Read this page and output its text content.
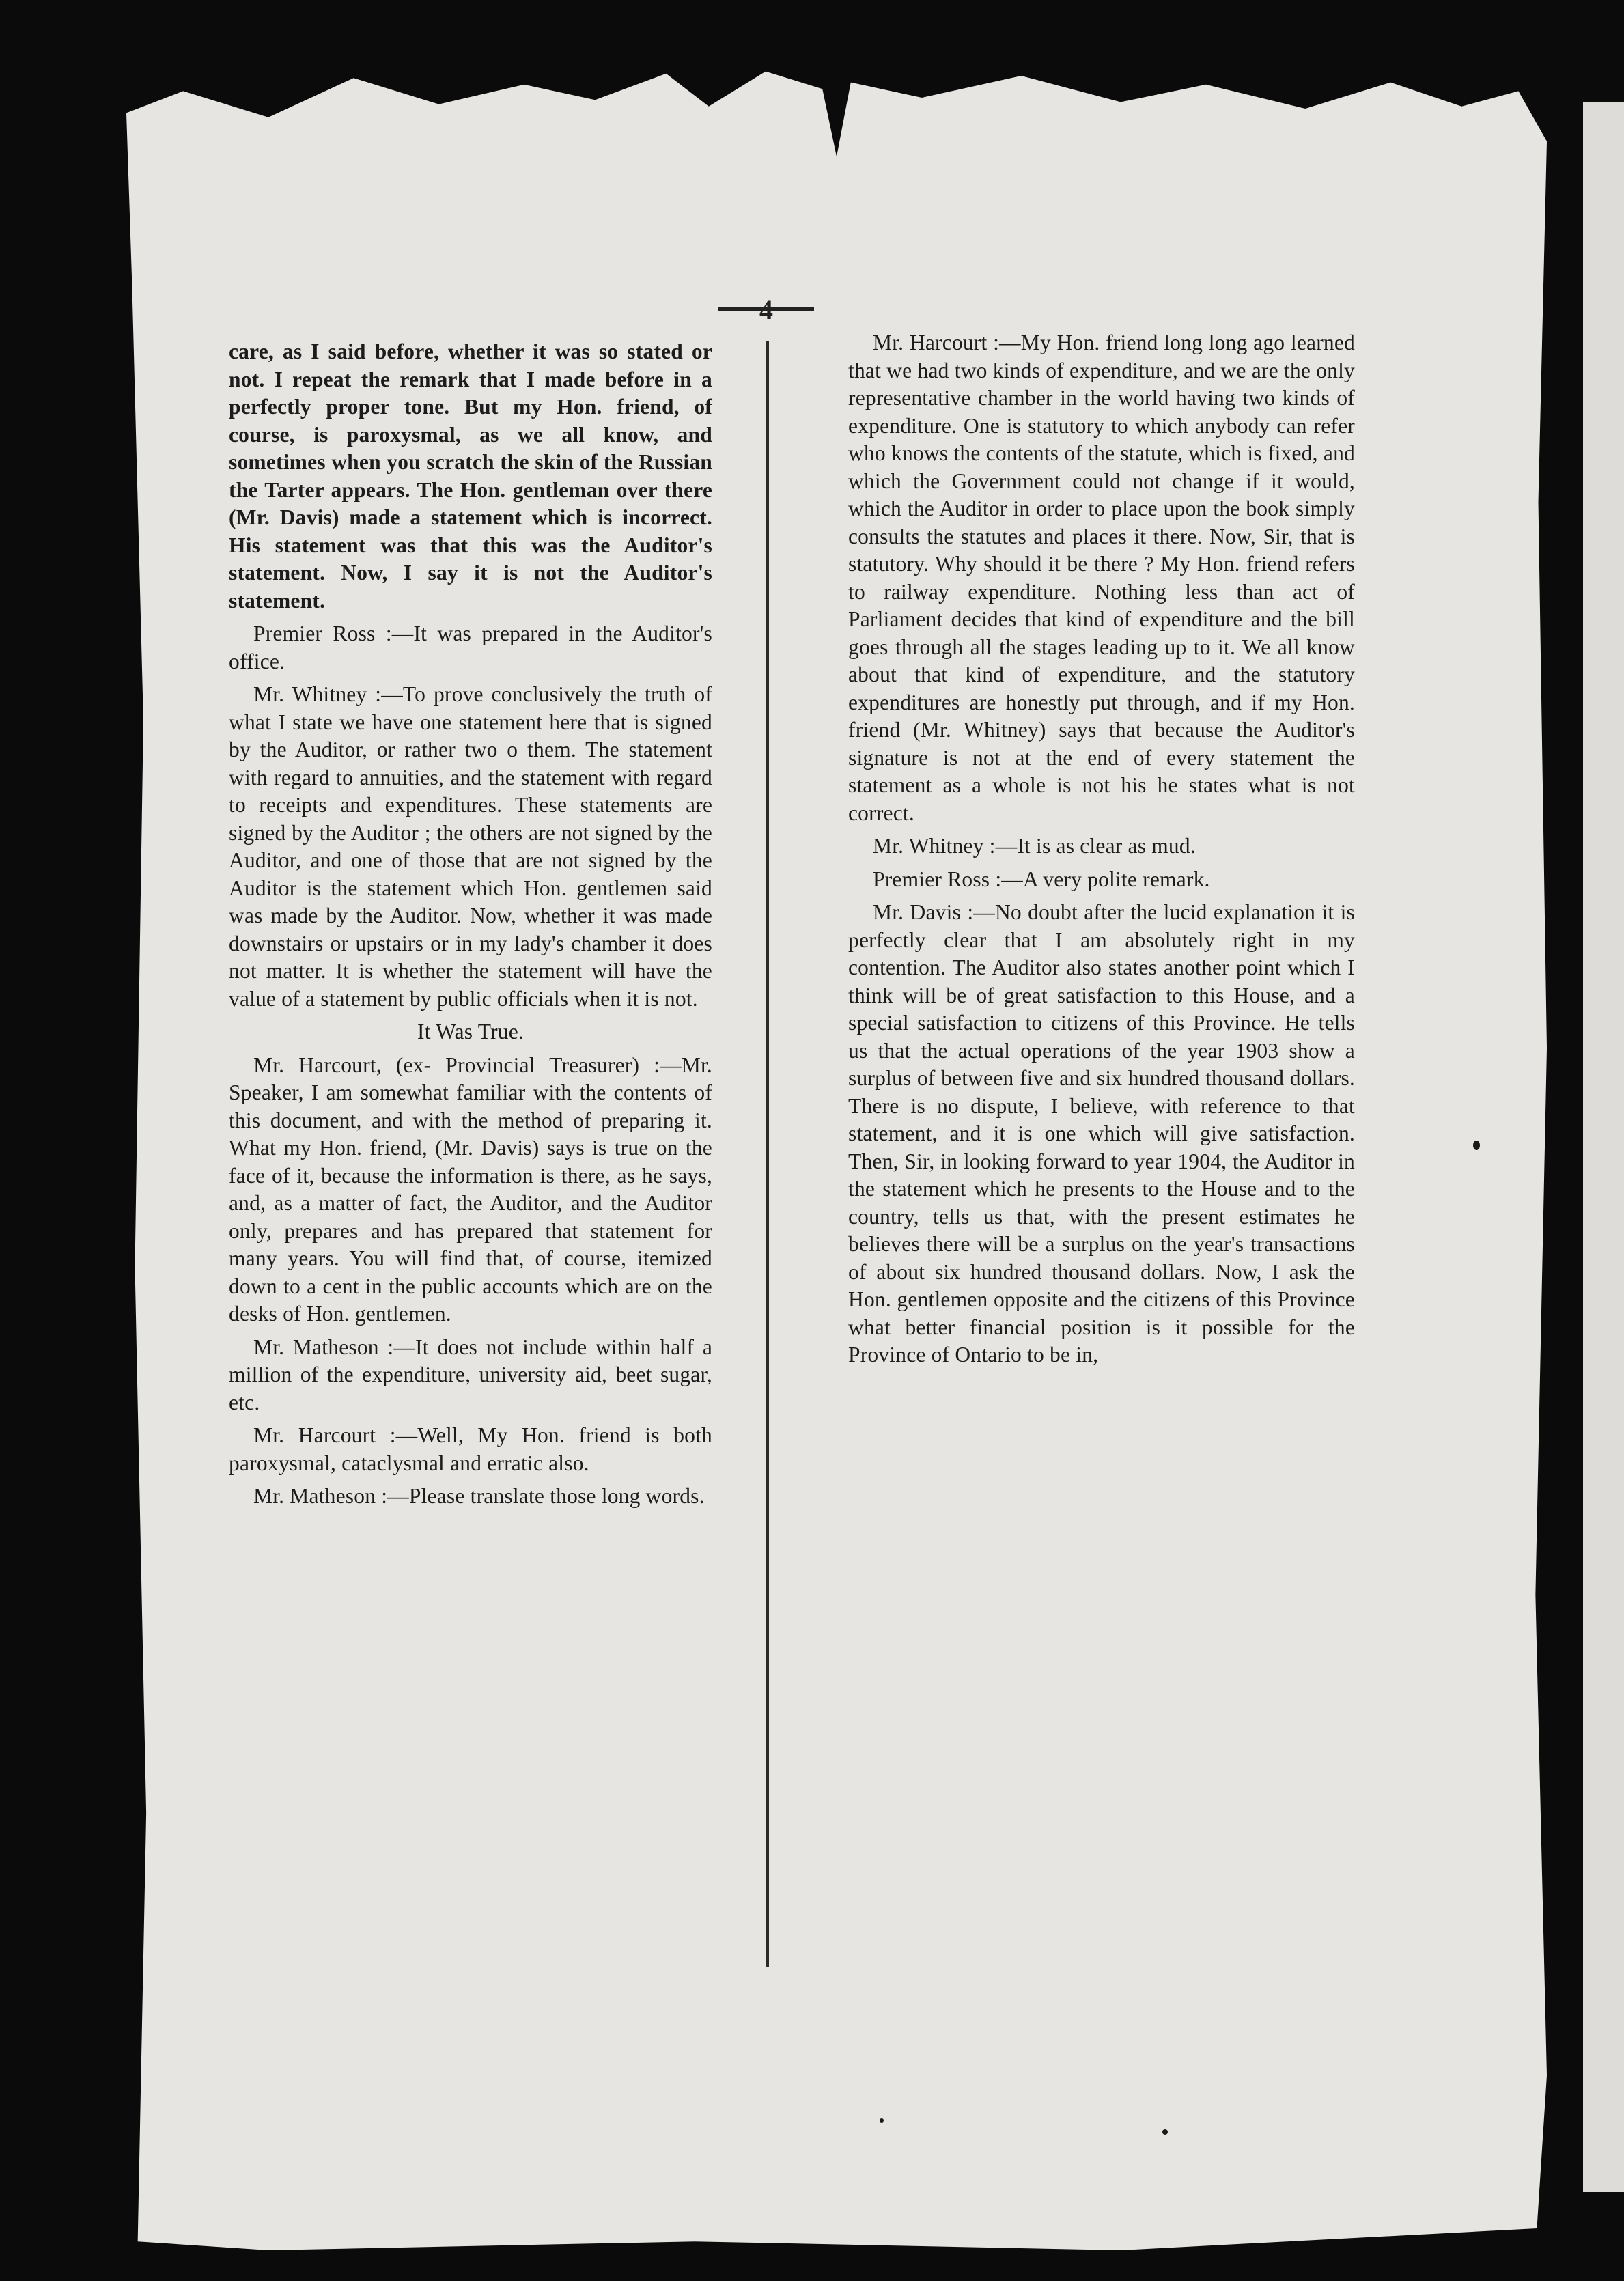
4

care, as I said before, whether it was so stated or not. I repeat the remark that I made before in a perfectly proper tone. But my Hon. friend, of course, is paroxysmal, as we all know, and sometimes when you scratch the skin of the Russian the Tarter appears. The Hon. gentleman over there (Mr. Davis) made a statement which is incorrect. His statement was that this was the Auditor's statement. Now, I say it is not the Auditor's statement.

Premier Ross :—It was prepared in the Auditor's office.

Mr. Whitney :—To prove conclusively the truth of what I state we have one statement here that is signed by the Auditor, or rather two o them. The statement with regard to annuities, and the statement with regard to receipts and expenditures. These statements are signed by the Auditor ; the others are not signed by the Auditor, and one of those that are not signed by the Auditor is the statement which Hon. gentlemen said was made by the Auditor. Now, whether it was made downstairs or upstairs or in my lady's chamber it does not matter. It is whether the statement will have the value of a statement by public officials when it is not.

It Was True.

Mr. Harcourt, (ex- Provincial Treasurer) :—Mr. Speaker, I am somewhat familiar with the contents of this document, and with the method of preparing it. What my Hon. friend, (Mr. Davis) says is true on the face of it, because the information is there, as he says, and, as a matter of fact, the Auditor, and the Auditor only, prepares and has prepared that statement for many years. You will find that, of course, itemized down to a cent in the public accounts which are on the desks of Hon. gentlemen.

Mr. Matheson :—It does not include within half a million of the expenditure, university aid, beet sugar, etc.

Mr. Harcourt :—Well, My Hon. friend is both paroxysmal, cataclysmal and erratic also.

Mr. Matheson :—Please translate those long words.

Mr. Harcourt :—My Hon. friend long long ago learned that we had two kinds of expenditure, and we are the only representative chamber in the world having two kinds of expenditure. One is statutory to which anybody can refer who knows the contents of the statute, which is fixed, and which the Government could not change if it would, which the Auditor in order to place upon the book simply consults the statutes and places it there. Now, Sir, that is statutory. Why should it be there ? My Hon. friend refers to railway expenditure. Nothing less than act of Parliament decides that kind of expenditure and the bill goes through all the stages leading up to it. We all know about that kind of expenditure, and the statutory expenditures are honestly put through, and if my Hon. friend (Mr. Whitney) says that because the Auditor's signature is not at the end of every statement the statement as a whole is not his he states what is not correct.

Mr. Whitney :—It is as clear as mud.

Premier Ross :—A very polite remark.

Mr. Davis :—No doubt after the lucid explanation it is perfectly clear that I am absolutely right in my contention. The Auditor also states another point which I think will be of great satisfaction to this House, and a special satisfaction to citizens of this Province. He tells us that the actual operations of the year 1903 show a surplus of between five and six hundred thousand dollars. There is no dispute, I believe, with reference to that statement, and it is one which will give satisfaction. Then, Sir, in looking forward to year 1904, the Auditor in the statement which he presents to the House and to the country, tells us that, with the present estimates he believes there will be a surplus on the year's transactions of about six hundred thousand dollars. Now, I ask the Hon. gentlemen opposite and the citizens of this Province what better financial position is it possible for the Province of Ontario to be in,
